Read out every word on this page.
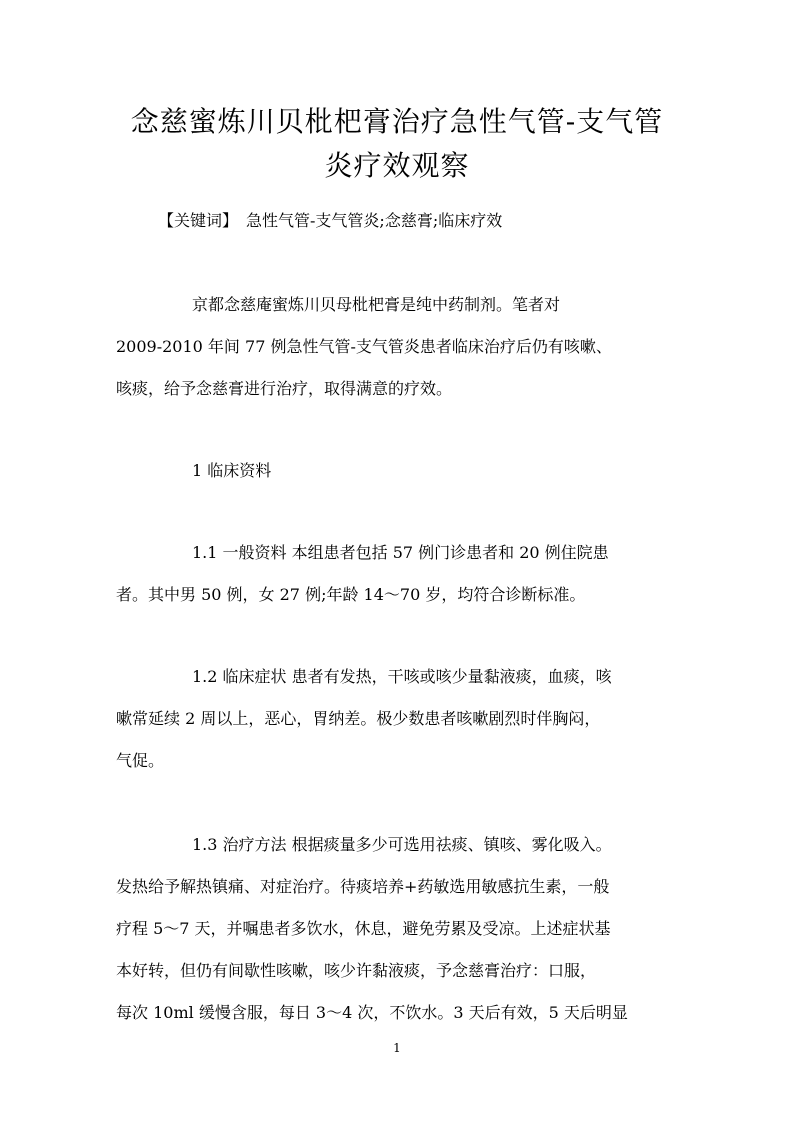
念慈蜜炼川贝枇杷膏治疗急性气管-支气管
炎疗效观察
【关键词】 急性气管-支气管炎;念慈膏;临床疗效
京都念慈庵蜜炼川贝母枇杷膏是纯中药制剂。笔者对
2009-2010 年间 77 例急性气管-支气管炎患者临床治疗后仍有咳嗽、
咳痰，给予念慈膏进行治疗，取得满意的疗效。
1 临床资料
1.1 一般资料 本组患者包括 57 例门诊患者和 20 例住院患
者。其中男 50 例，女 27 例;年龄 14～70 岁，均符合诊断标准。
1.2 临床症状 患者有发热，干咳或咳少量黏液痰，血痰，咳
嗽常延续 2 周以上，恶心，胃纳差。极少数患者咳嗽剧烈时伴胸闷，
气促。
1.3 治疗方法 根据痰量多少可选用祛痰、镇咳、雾化吸入。
发热给予解热镇痛、对症治疗。待痰培养+药敏选用敏感抗生素，一般
疗程 5～7 天，并嘱患者多饮水，休息，避免劳累及受凉。上述症状基
本好转，但仍有间歇性咳嗽，咳少许黏液痰，予念慈膏治疗：口服，
每次 10ml 缓慢含服，每日 3～4 次，不饮水。3 天后有效，5 天后明显
1
